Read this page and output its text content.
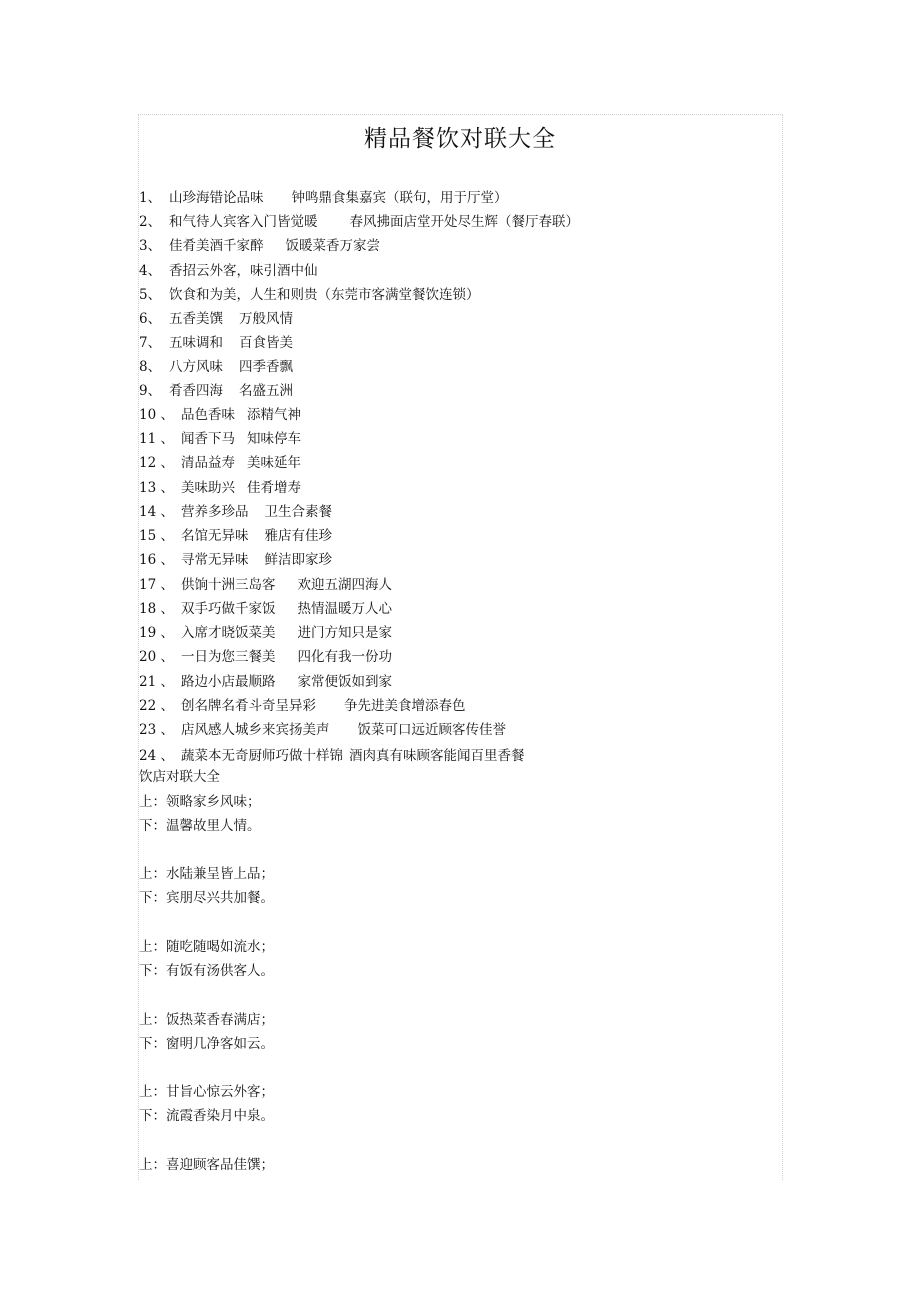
精品餐饮对联大全
1、 山珍海错论品味 钟鸣鼎食集嘉宾（联句，用于厅堂）
2、 和气待人宾客入门皆觉暖 春风拂面店堂开处尽生辉（餐厅春联）
3、 佳肴美酒千家醉 饭暖菜香万家尝
4、 香招云外客，味引酒中仙
5、 饮食和为美，人生和则贵（东莞市客满堂餐饮连锁）
6、 五香美馔 万般风情
7、 五味调和 百食皆美
8、 八方风味 四季香飘
9、 肴香四海 名盛五洲
10 、 品色香味 添精气神
11 、 闻香下马 知味停车
12 、 清品益寿 美味延年
13 、 美味助兴 佳肴增寿
14 、 营养多珍品 卫生合素餐
15 、 名馆无异味 雅店有佳珍
16 、 寻常无异味 鲜洁即家珍
17 、 供饷十洲三岛客 欢迎五湖四海人
18 、 双手巧做千家饭 热情温暖万人心
19 、 入席才晓饭菜美 进门方知只是家
20 、 一日为您三餐美 四化有我一份功
21 、 路边小店最顺路 家常便饭如到家
22 、 创名牌名肴斗奇呈异彩 争先进美食增添春色
23 、 店风感人城乡来宾扬美声 饭菜可口远近顾客传佳誉
24 、 蔬菜本无奇厨师巧做十样锦 酒肉真有味顾客能闻百里香餐
饮店对联大全
上：领略家乡风味；
下：温馨故里人情。
上：水陆兼呈皆上品；
下：宾朋尽兴共加餐。
上：随吃随喝如流水；
下：有饭有汤供客人。
上：饭热菜香春满店；
下：窗明几净客如云。
上：甘旨心惊云外客；
下：流霞香染月中泉。
上：喜迎顾客品佳馔；
